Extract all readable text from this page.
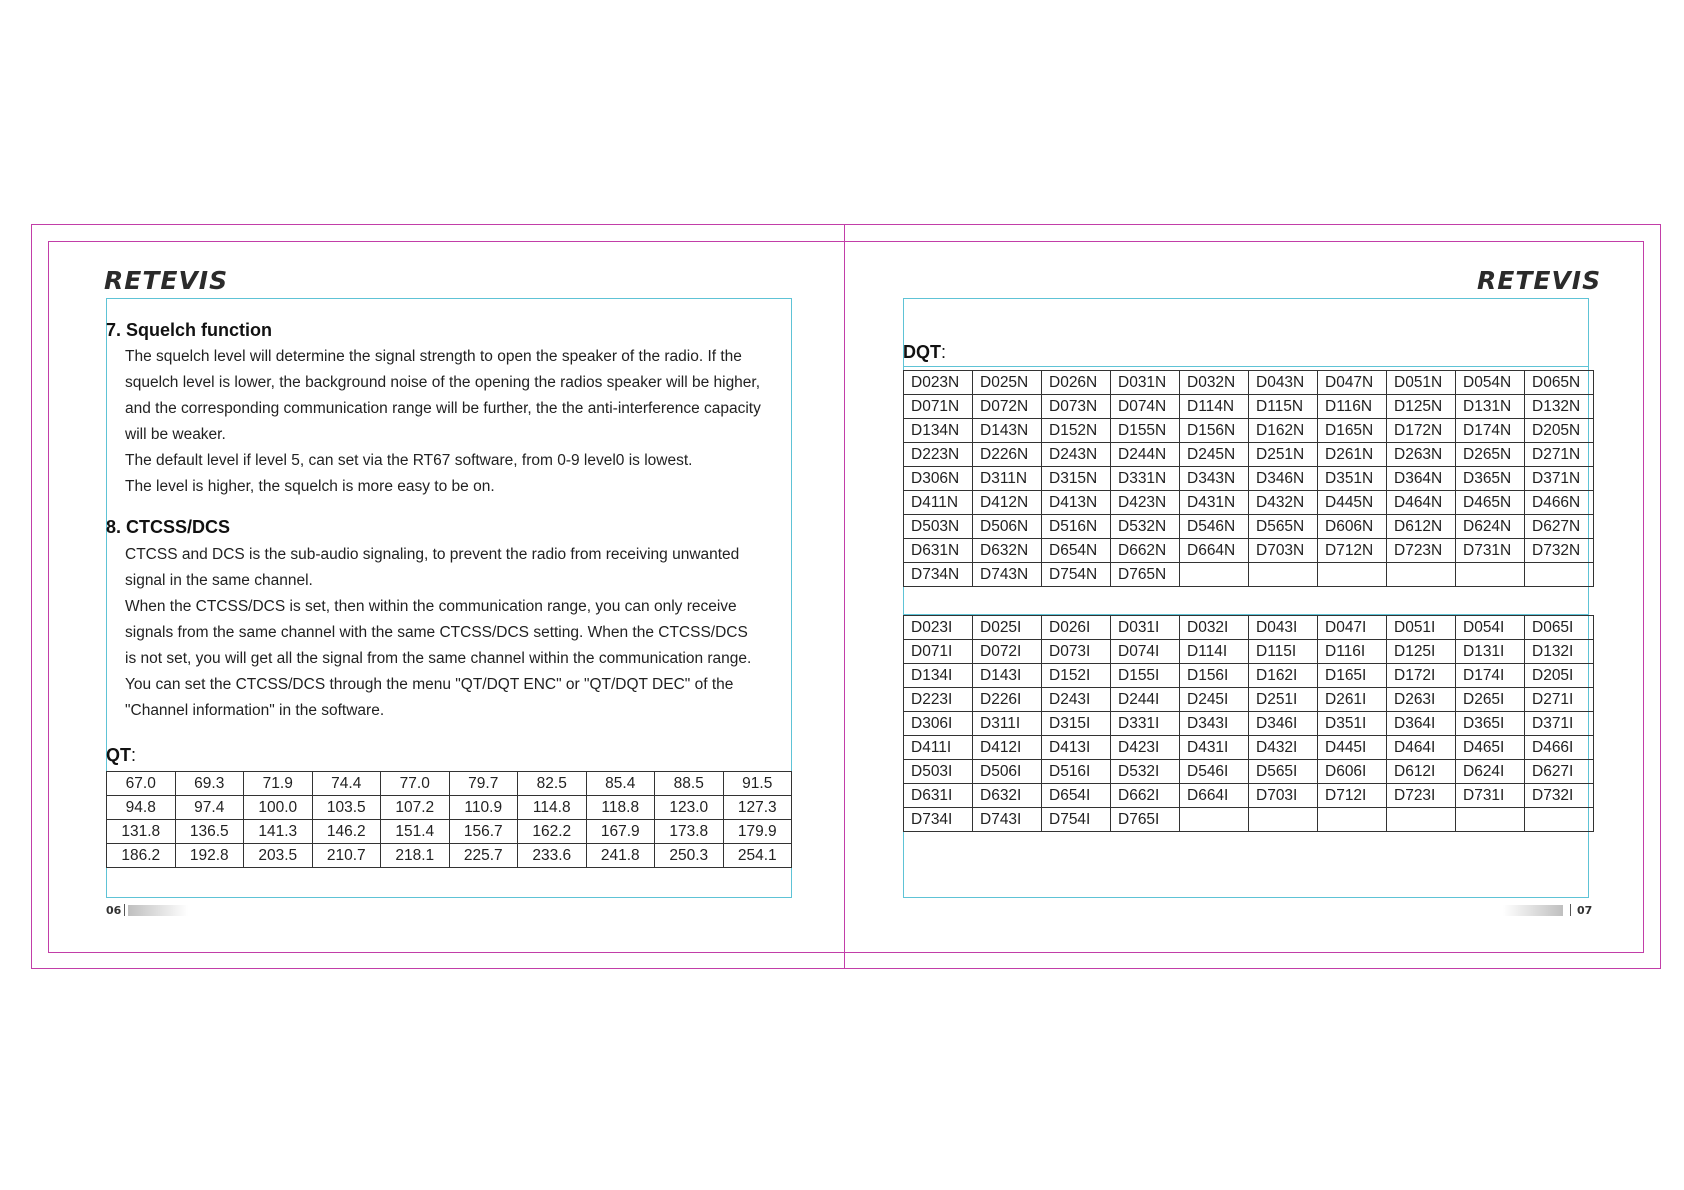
RETEVIS	RETEVIS
7. Squelch function
The squelch level will determine the signal strength to open the speaker of the radio. If the
squelch level is lower, the background noise of the opening the radios speaker will be higher,
and the corresponding communication range will be further, the the anti-interference capacity
will be weaker.
The default level if level 5, can set via the RT67 software, from 0-9 level0 is lowest.
The level is higher, the squelch is more easy to be on.
8. CTCSS/DCS
CTCSS and DCS is the sub-audio signaling, to prevent the radio from receiving unwanted
signal in the same channel.
When the CTCSS/DCS is set, then within the communication range, you can only receive
signals from the same channel with the same CTCSS/DCS setting. When the CTCSS/DCS
is not set, you will get all the signal from the same channel within the communication range.
You can set the CTCSS/DCS through the menu "QT/DQT ENC" or "QT/DQT DEC" of the
"Channel information" in the software.
QT:
67.0	69.3	71.9	74.4	77.0	79.7	82.5	85.4	88.5	91.5
94.8	97.4	100.0	103.5	107.2	110.9	114.8	118.8	123.0	127.3
131.8	136.5	141.3	146.2	151.4	156.7	162.2	167.9	173.8	179.9
186.2	192.8	203.5	210.7	218.1	225.7	233.6	241.8	250.3	254.1
06
DQT:
D023N	D025N	D026N	D031N	D032N	D043N	D047N	D051N	D054N	D065N
D071N	D072N	D073N	D074N	D114N	D115N	D116N	D125N	D131N	D132N
D134N	D143N	D152N	D155N	D156N	D162N	D165N	D172N	D174N	D205N
D223N	D226N	D243N	D244N	D245N	D251N	D261N	D263N	D265N	D271N
D306N	D311N	D315N	D331N	D343N	D346N	D351N	D364N	D365N	D371N
D411N	D412N	D413N	D423N	D431N	D432N	D445N	D464N	D465N	D466N
D503N	D506N	D516N	D532N	D546N	D565N	D606N	D612N	D624N	D627N
D631N	D632N	D654N	D662N	D664N	D703N	D712N	D723N	D731N	D732N
D734N	D743N	D754N	D765N						
D023I	D025I	D026I	D031I	D032I	D043I	D047I	D051I	D054I	D065I
D071I	D072I	D073I	D074I	D114I	D115I	D116I	D125I	D131I	D132I
D134I	D143I	D152I	D155I	D156I	D162I	D165I	D172I	D174I	D205I
D223I	D226I	D243I	D244I	D245I	D251I	D261I	D263I	D265I	D271I
D306I	D311I	D315I	D331I	D343I	D346I	D351I	D364I	D365I	D371I
D411I	D412I	D413I	D423I	D431I	D432I	D445I	D464I	D465I	D466I
D503I	D506I	D516I	D532I	D546I	D565I	D606I	D612I	D624I	D627I
D631I	D632I	D654I	D662I	D664I	D703I	D712I	D723I	D731I	D732I
D734I	D743I	D754I	D765I						
07
